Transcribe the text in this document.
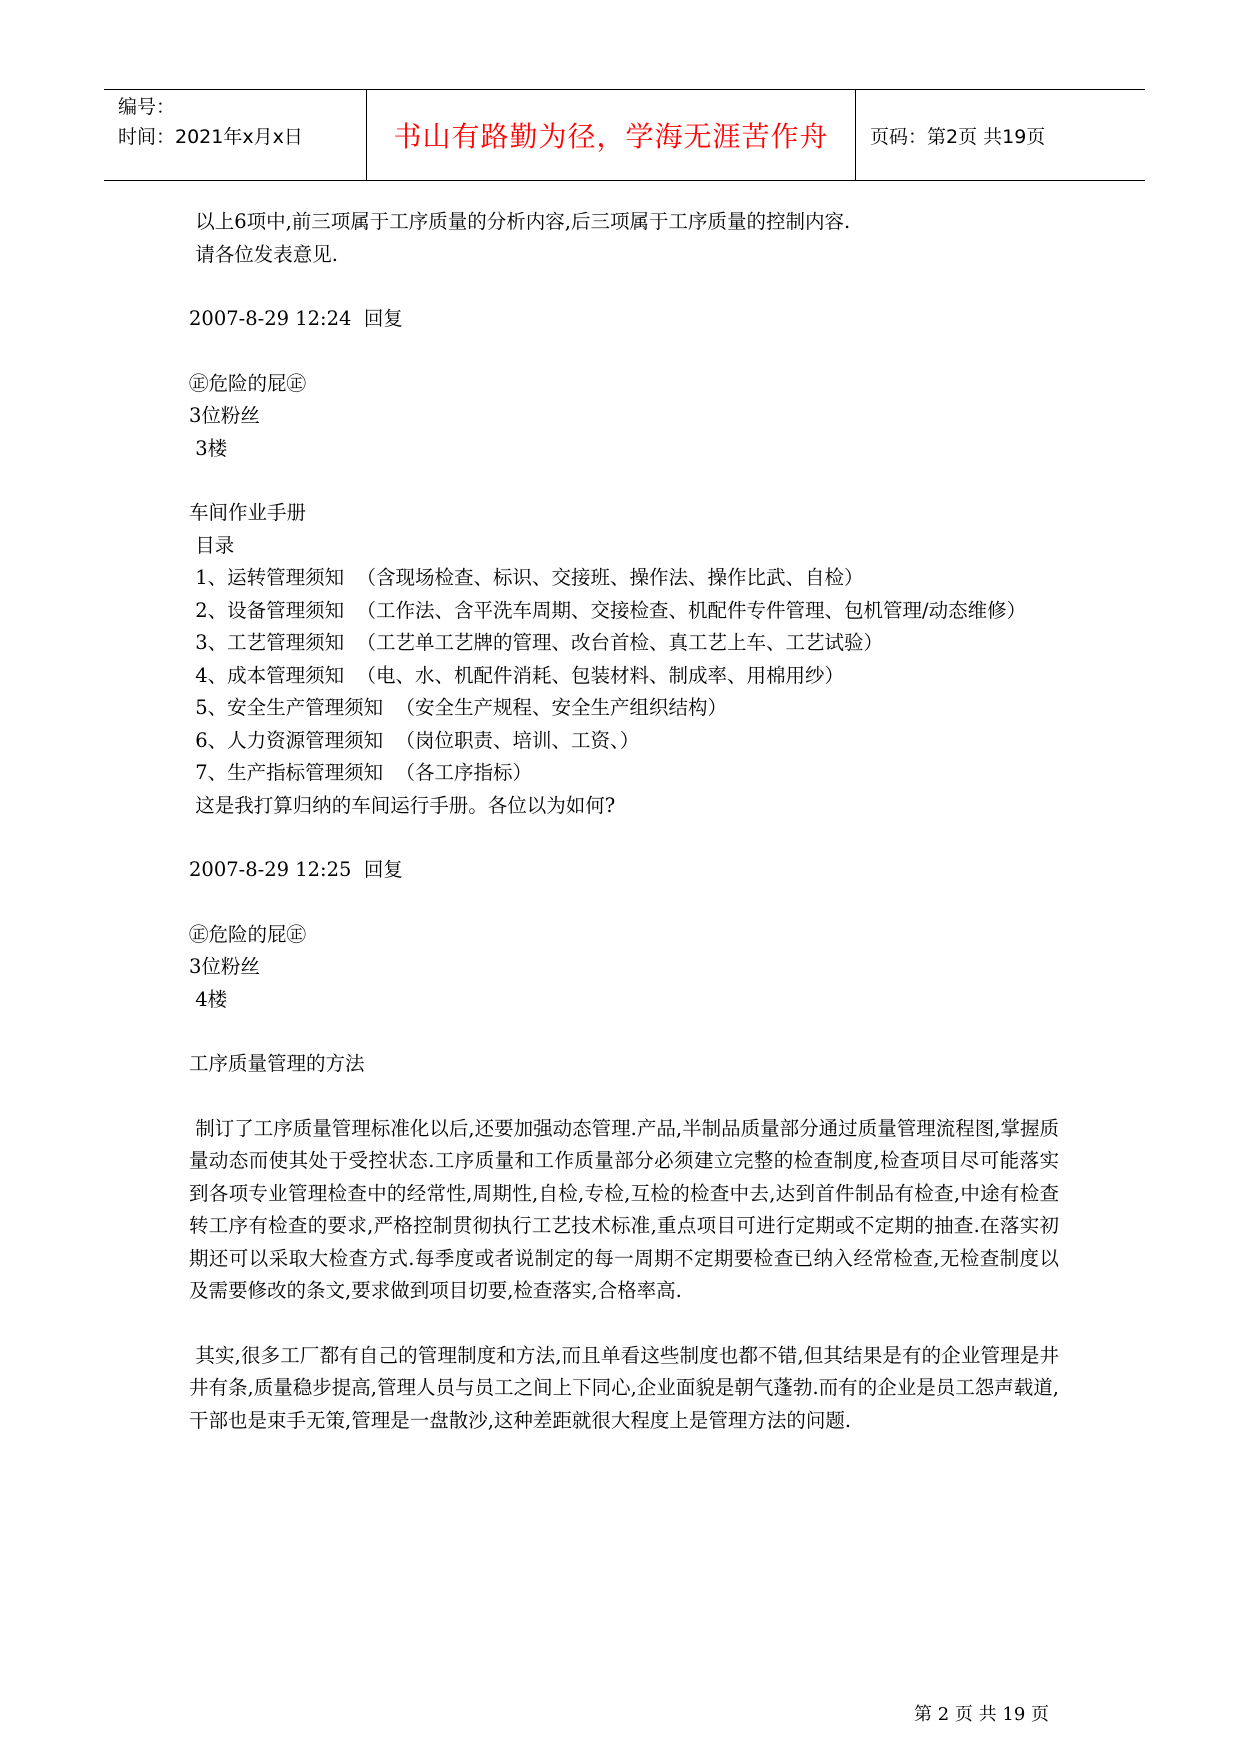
编号：
时间：2021年x月x日	书山有路勤为径，学海无涯苦作舟 页码：第2页 共19页

以上6项中,前三项属于工序质量的分析内容,后三项属于工序质量的控制内容.

请各位发表意见.

2007-8-29 12:24  回复

㊣危险的屁㊣

3位粉丝

3楼

车间作业手册

目录

1、运转管理须知  （含现场检查、标识、交接班、操作法、操作比武、自检）

2、设备管理须知  （工作法、含平洗车周期、交接检查、机配件专件管理、包机管理/动态维修）

3、工艺管理须知  （工艺单工艺牌的管理、改台首检、真工艺上车、工艺试验）

4、成本管理须知  （电、水、机配件消耗、包装材料、制成率、用棉用纱）

5、安全生产管理须知  （安全生产规程、安全生产组织结构）

6、人力资源管理须知  （岗位职责、培训、工资、）

7、生产指标管理须知  （各工序指标）

这是我打算归纳的车间运行手册。各位以为如何?

2007-8-29 12:25  回复

㊣危险的屁㊣

3位粉丝

4楼

工序质量管理的方法

制订了工序质量管理标准化以后,还要加强动态管理.产品,半制品质量部分通过质量管理流程图,掌握质量动态而使其处于受控状态.工序质量和工作质量部分必须建立完整的检查制度,检查项目尽可能落实到各项专业管理检查中的经常性,周期性,自检,专检,互检的检查中去,达到首件制品有检查,中途有检查转工序有检查的要求,严格控制贯彻执行工艺技术标准,重点项目可进行定期或不定期的抽查.在落实初期还可以采取大检查方式.每季度或者说制定的每一周期不定期要检查已纳入经常检查,无检查制度以及需要修改的条文,要求做到项目切要,检查落实,合格率高.

其实,很多工厂都有自己的管理制度和方法,而且单看这些制度也都不错,但其结果是有的企业管理是井井有条,质量稳步提高,管理人员与员工之间上下同心,企业面貌是朝气蓬勃.而有的企业是员工怨声载道,干部也是束手无策,管理是一盘散沙,这种差距就很大程度上是管理方法的问题.

第 2 页 共 19 页
